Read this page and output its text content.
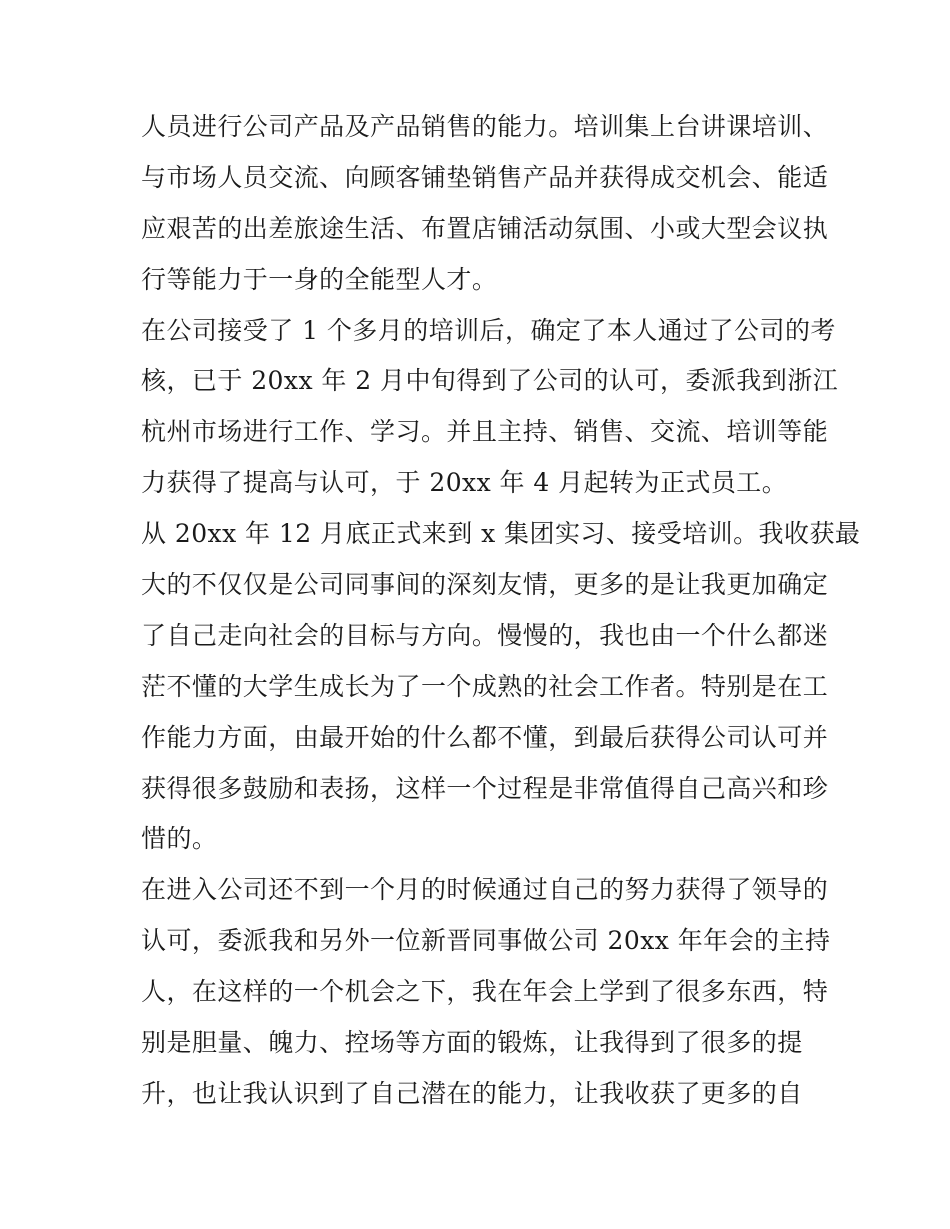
人员进行公司产品及产品销售的能力。培训集上台讲课培训、
与市场人员交流、向顾客铺垫销售产品并获得成交机会、能适
应艰苦的出差旅途生活、布置店铺活动氛围、小或大型会议执
行等能力于一身的全能型人才。
在公司接受了 1 个多月的培训后，确定了本人通过了公司的考
核，已于 20xx 年 2 月中旬得到了公司的认可，委派我到浙江
杭州市场进行工作、学习。并且主持、销售、交流、培训等能
力获得了提高与认可，于 20xx 年 4 月起转为正式员工。
从 20xx 年 12 月底正式来到 x 集团实习、接受培训。我收获最
大的不仅仅是公司同事间的深刻友情，更多的是让我更加确定
了自己走向社会的目标与方向。慢慢的，我也由一个什么都迷
茫不懂的大学生成长为了一个成熟的社会工作者。特别是在工
作能力方面，由最开始的什么都不懂，到最后获得公司认可并
获得很多鼓励和表扬，这样一个过程是非常值得自己高兴和珍
惜的。
在进入公司还不到一个月的时候通过自己的努力获得了领导的
认可，委派我和另外一位新晋同事做公司 20xx 年年会的主持
人，在这样的一个机会之下，我在年会上学到了很多东西，特
别是胆量、魄力、控场等方面的锻炼，让我得到了很多的提
升，也让我认识到了自己潜在的能力，让我收获了更多的自
